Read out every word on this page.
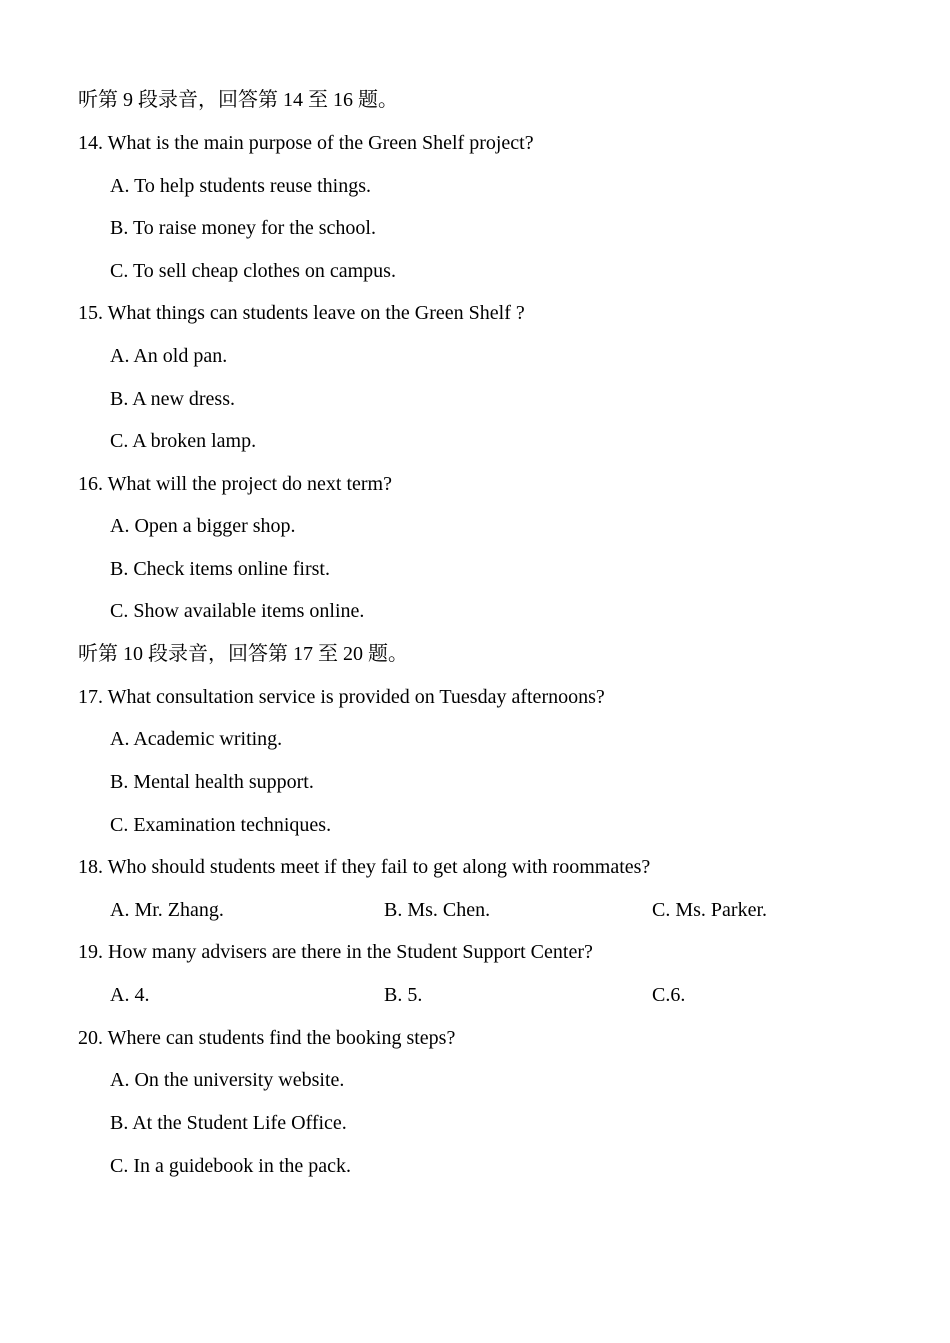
听第 9 段录音，回答第 14 至 16 题。
14. What is the main purpose of the Green Shelf project?
A. To help students reuse things.
B. To raise money for the school.
C. To sell cheap clothes on campus.
15. What things can students leave on the Green Shelf ?
A. An old pan.
B. A new dress.
C. A broken lamp.
16. What will the project do next term?
A. Open a bigger shop.
B. Check items online first.
C. Show available items online.
听第 10 段录音，回答第 17 至 20 题。
17. What consultation service is provided on Tuesday afternoons?
A. Academic writing.
B. Mental health support.
C. Examination techniques.
18. Who should students meet if they fail to get along with roommates?
A. Mr. Zhang.	B. Ms. Chen.	C. Ms. Parker.
19. How many advisers are there in the Student Support Center?
A. 4.	B. 5.	C.6.
20. Where can students find the booking steps?
A. On the university website.
B. At the Student Life Office.
C. In a guidebook in the pack.
